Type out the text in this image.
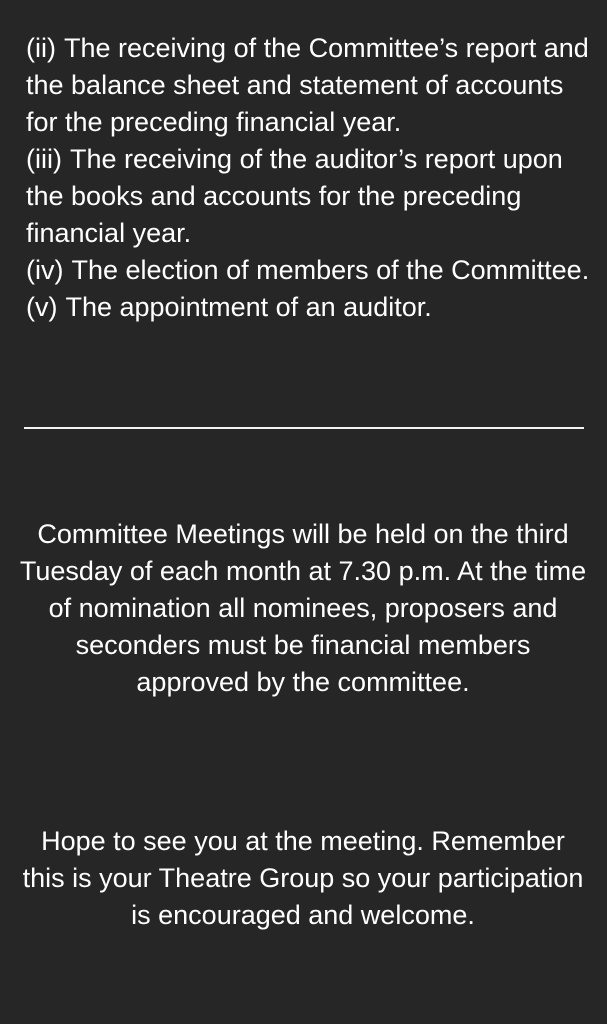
(ii) The receiving of the Committee’s report and the balance sheet and statement of accounts for the preceding financial year.
(iii) The receiving of the auditor’s report upon the books and accounts for the preceding financial year.
(iv) The election of members of the Committee.
(v) The appointment of an auditor.

Committee Meetings will be held on the third Tuesday of each month at 7.30 p.m. At the time of nomination all nominees, proposers and seconders must be financial members approved by the committee.

Hope to see you at the meeting. Remember this is your Theatre Group so your participation is encouraged and welcome.
